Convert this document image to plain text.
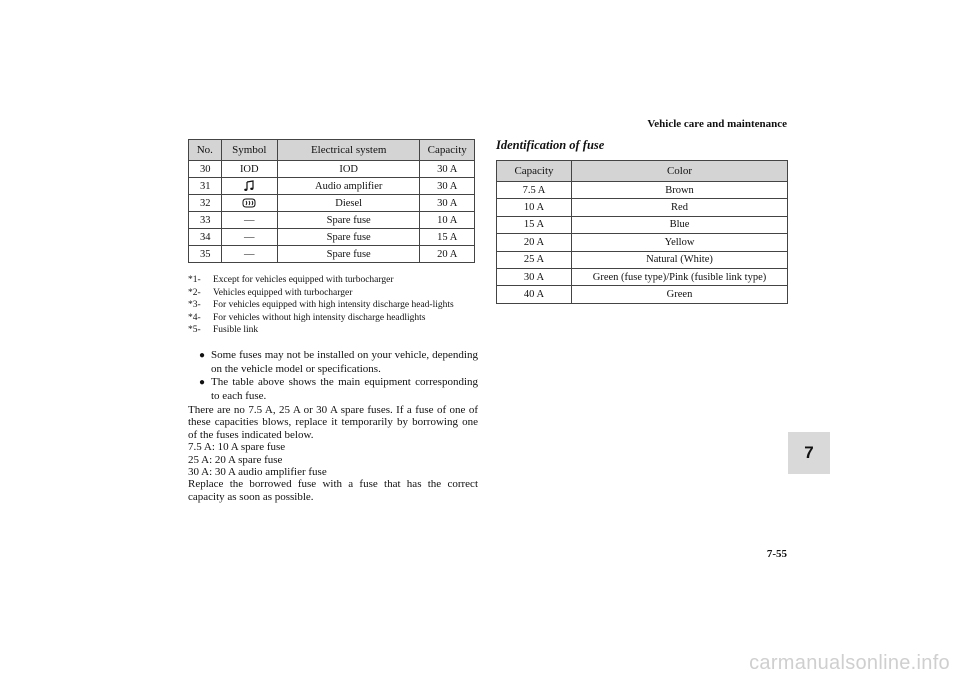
Vehicle care and maintenance
No.	Symbol	Electrical system	Capacity
30	IOD	IOD	30 A
31		Audio amplifier	30 A
32		Diesel	30 A
33	—	Spare fuse	10 A
34	—	Spare fuse	15 A
35	—	Spare fuse	20 A
*1-	Except for vehicles equipped with turbocharger
*2-	Vehicles equipped with turbocharger
*3-	For vehicles equipped with high intensity discharge head-lights
*4-	For vehicles without high intensity discharge headlights
*5-	Fusible link
● Some fuses may not be installed on your vehicle, depending on the vehicle model or specifications.
● The table above shows the main equipment corresponding to each fuse.

There are no 7.5 A, 25 A or 30 A spare fuses. If a fuse of one of these capacities blows, replace it temporarily by borrowing one of the fuses indicated below.

7.5 A: 10 A spare fuse

25 A: 20 A spare fuse

30 A: 30 A audio amplifier fuse

Replace the borrowed fuse with a fuse that has the correct capacity as soon as possible.

Identification of fuse
Capacity	Color
7.5 A	Brown
10 A	Red
15 A	Blue
20 A	Yellow
25 A	Natural (White)
30 A	Green (fuse type)/Pink (fusible link type)
40 A	Green
7
7-55
carmanualsonline.info
